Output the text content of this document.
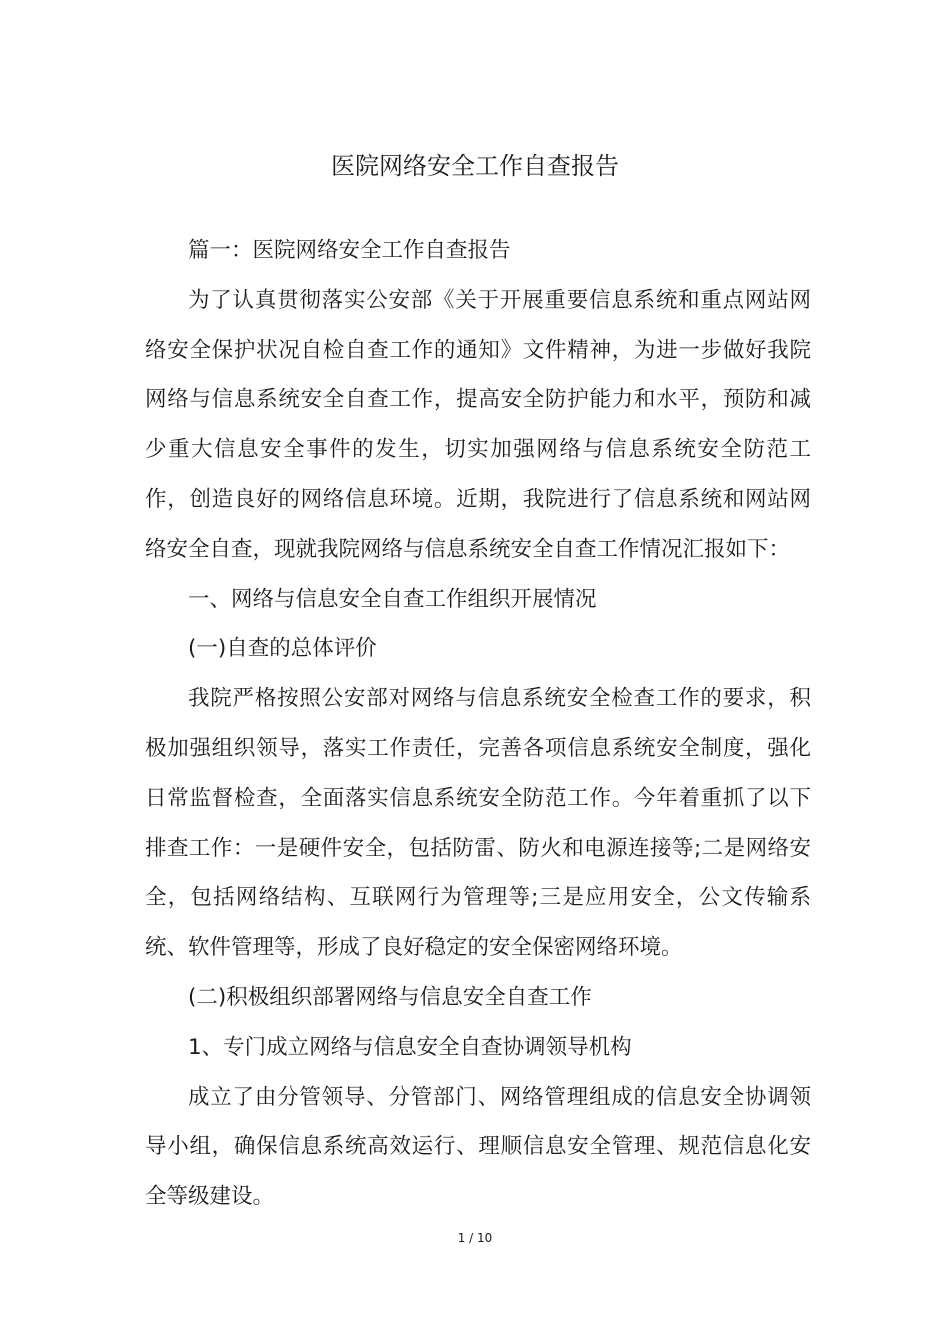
医院网络安全工作自查报告

篇一：医院网络安全工作自查报告

为了认真贯彻落实公安部《关于开展重要信息系统和重点网站网络安全保护状况自检自查工作的通知》文件精神，为进一步做好我院网络与信息系统安全自查工作，提高安全防护能力和水平，预防和减少重大信息安全事件的发生，切实加强网络与信息系统安全防范工作，创造良好的网络信息环境。近期，我院进行了信息系统和网站网络安全自查，现就我院网络与信息系统安全自查工作情况汇报如下：

一、网络与信息安全自查工作组织开展情况

(一)自查的总体评价

我院严格按照公安部对网络与信息系统安全检查工作的要求，积极加强组织领导，落实工作责任，完善各项信息系统安全制度，强化日常监督检查，全面落实信息系统安全防范工作。今年着重抓了以下排查工作：一是硬件安全，包括防雷、防火和电源连接等;二是网络安全，包括网络结构、互联网行为管理等;三是应用安全，公文传输系统、软件管理等，形成了良好稳定的安全保密网络环境。

(二)积极组织部署网络与信息安全自查工作

1、专门成立网络与信息安全自查协调领导机构

成立了由分管领导、分管部门、网络管理组成的信息安全协调领导小组，确保信息系统高效运行、理顺信息安全管理、规范信息化安全等级建设。

1 / 10
